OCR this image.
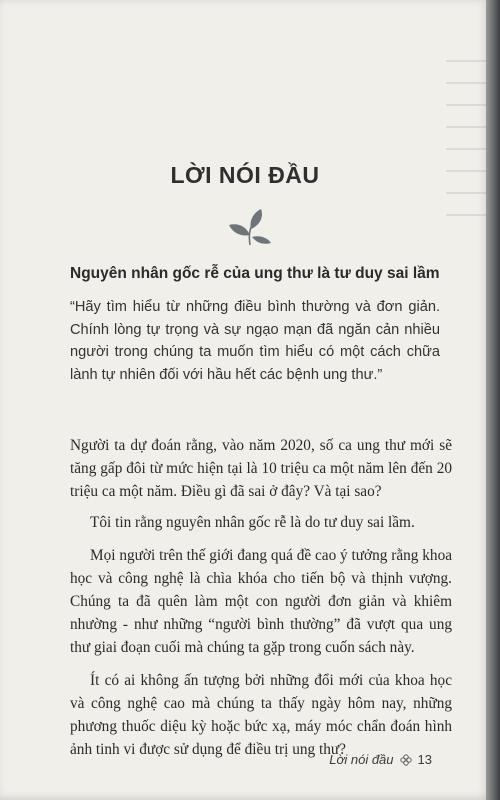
LỜI NÓI ĐẦU
Nguyên nhân gốc rễ của ung thư là tư duy sai lầm
“Hãy tìm hiểu từ những điều bình thường và đơn giản. Chính lòng tự trọng và sự ngạo mạn đã ngăn cản nhiều người trong chúng ta muốn tìm hiểu có một cách chữa lành tự nhiên đối với hầu hết các bệnh ung thư.”

Người ta dự đoán rằng, vào năm 2020, số ca ung thư mới sẽ tăng gấp đôi từ mức hiện tại là 10 triệu ca một năm lên đến 20 triệu ca một năm. Điều gì đã sai ở đây? Và tại sao?

Tôi tin rằng nguyên nhân gốc rễ là do tư duy sai lầm.

Mọi người trên thế giới đang quá đề cao ý tưởng rằng khoa học và công nghệ là chìa khóa cho tiến bộ và thịnh vượng. Chúng ta đã quên làm một con người đơn giản và khiêm nhường - như những “người bình thường” đã vượt qua ung thư giai đoạn cuối mà chúng ta gặp trong cuốn sách này.

Ít có ai không ấn tượng bởi những đổi mới của khoa học và công nghệ cao mà chúng ta thấy ngày hôm nay, những phương thuốc diệu kỳ hoặc bức xạ, máy móc chẩn đoán hình ảnh tinh vi được sử dụng để điều trị ung thư?

Lời nói đầu 13
